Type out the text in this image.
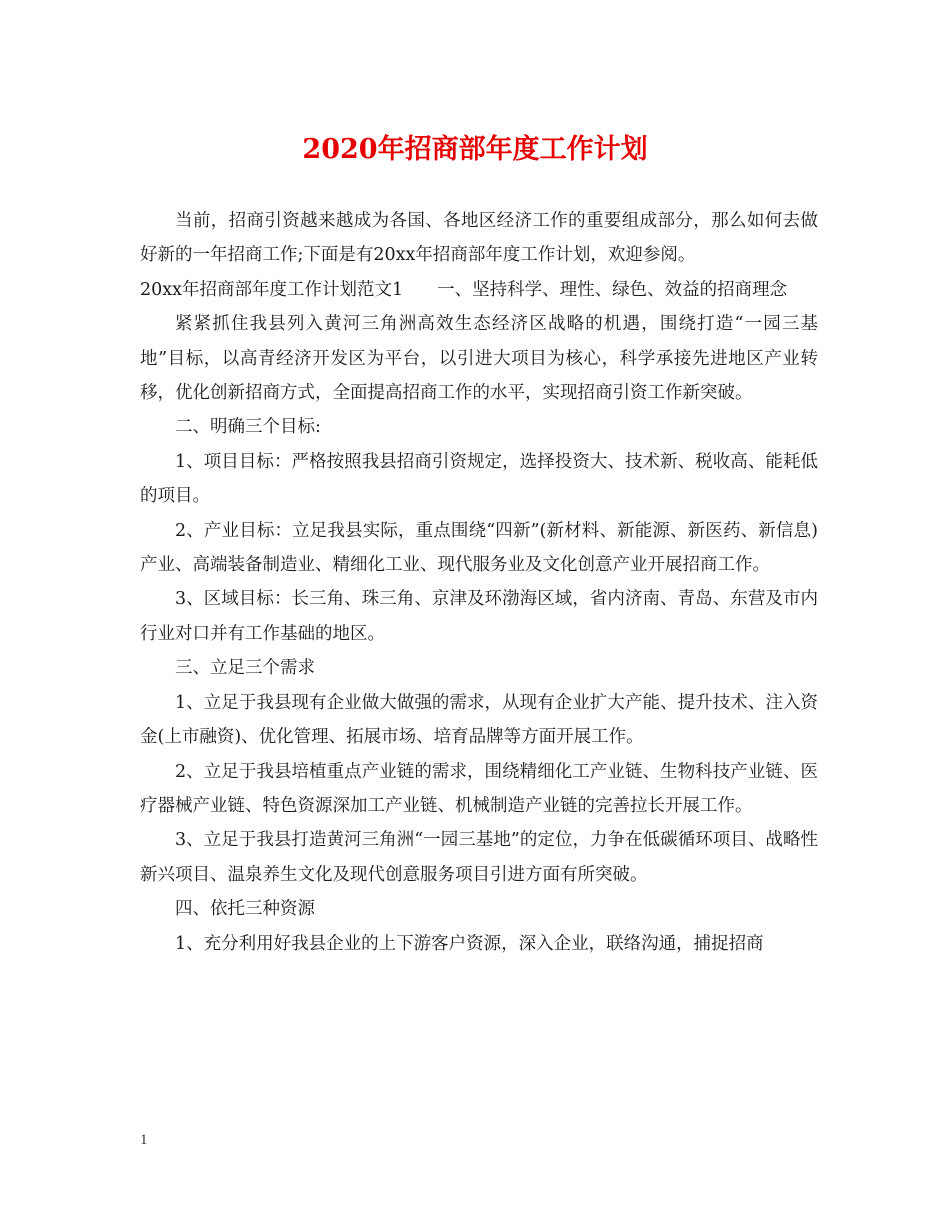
2020年招商部年度工作计划

当前，招商引资越来越成为各国、各地区经济工作的重要组成部分，那么如何去做好新的一年招商工作;下面是有20xx年招商部年度工作计划，欢迎参阅。

20xx年招商部年度工作计划范文1 一、坚持科学、理性、绿色、效益的招商理念

紧紧抓住我县列入黄河三角洲高效生态经济区战略的机遇，围绕打造“一园三基地”目标，以高青经济开发区为平台，以引进大项目为核心，科学承接先进地区产业转移，优化创新招商方式，全面提高招商工作的水平，实现招商引资工作新突破。

二、明确三个目标:

1、项目目标：严格按照我县招商引资规定，选择投资大、技术新、税收高、能耗低的项目。

2、产业目标：立足我县实际，重点围绕“四新”(新材料、新能源、新医药、新信息)产业、高端装备制造业、精细化工业、现代服务业及文化创意产业开展招商工作。

3、区域目标：长三角、珠三角、京津及环渤海区域，省内济南、青岛、东营及市内行业对口并有工作基础的地区。

三、立足三个需求

1、立足于我县现有企业做大做强的需求，从现有企业扩大产能、提升技术、注入资金(上市融资)、优化管理、拓展市场、培育品牌等方面开展工作。

2、立足于我县培植重点产业链的需求，围绕精细化工产业链、生物科技产业链、医疗器械产业链、特色资源深加工产业链、机械制造产业链的完善拉长开展工作。

3、立足于我县打造黄河三角洲“一园三基地”的定位，力争在低碳循环项目、战略性新兴项目、温泉养生文化及现代创意服务项目引进方面有所突破。

四、依托三种资源

1、充分利用好我县企业的上下游客户资源，深入企业，联络沟通，捕捉招商

1
